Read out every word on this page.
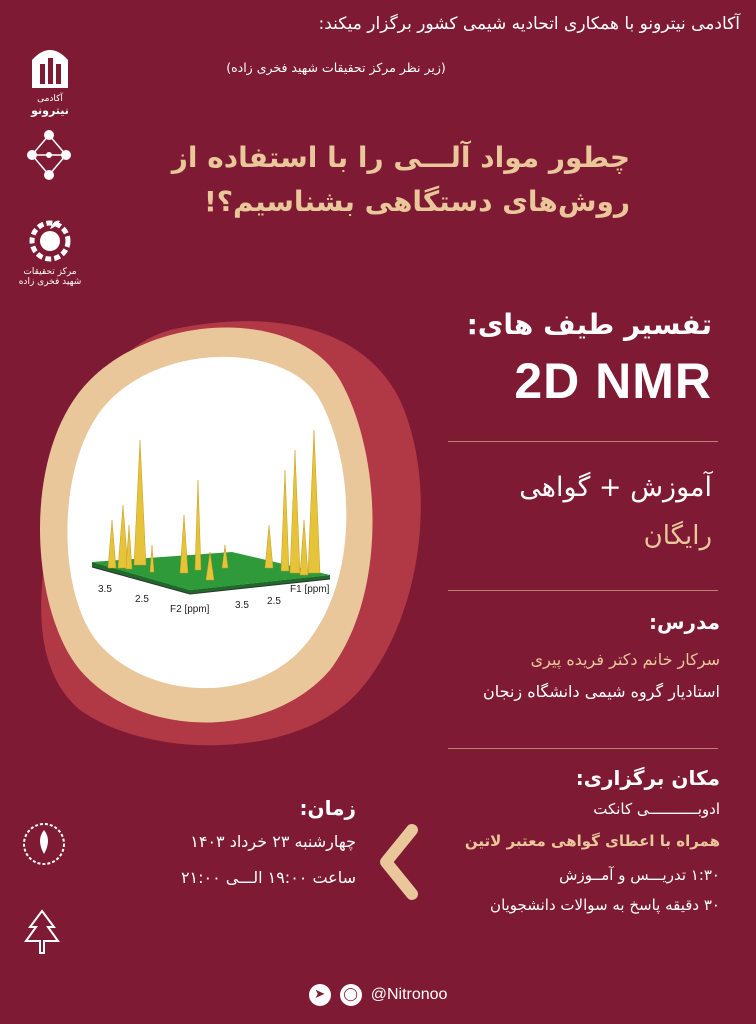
3.5
2.5
F2 [ppm]	3.5 2.5
F1 [ppm]
آکادمی
نیترونو
مرکز تحقیقات
شهید فخری زاده
آکادمی نیترونو با همکاری اتحادیه شیمی کشور برگزار میکند:
(زیر نظر مرکز تحقیقات شهید فخری زاده)
چطور مواد آلـــی را با استفاده از
روش‌های دستگاهی بشناسیم؟!
تفسیر طیف های:
2D NMR
آموزش + گواهی
رایگان
مدرس:
سرکار خانم دکتر فریده پیری
استادیار گروه شیمی دانشگاه زنجان
مکان برگزاری:
ادوبـــــــــــی کانکت
همراه با اعطای گواهی معتبر لاتین
۱:۳۰ تدریـــس و آمــوزش
۳۰ دقیقه پاسخ به سوالات دانشجویان
زمان:
چهارشنبه ۲۳ خرداد ۱۴۰۳
ساعت ۱۹:۰۰ الـــی ۲۱:۰۰
➤ ◯ @Nitronoo
